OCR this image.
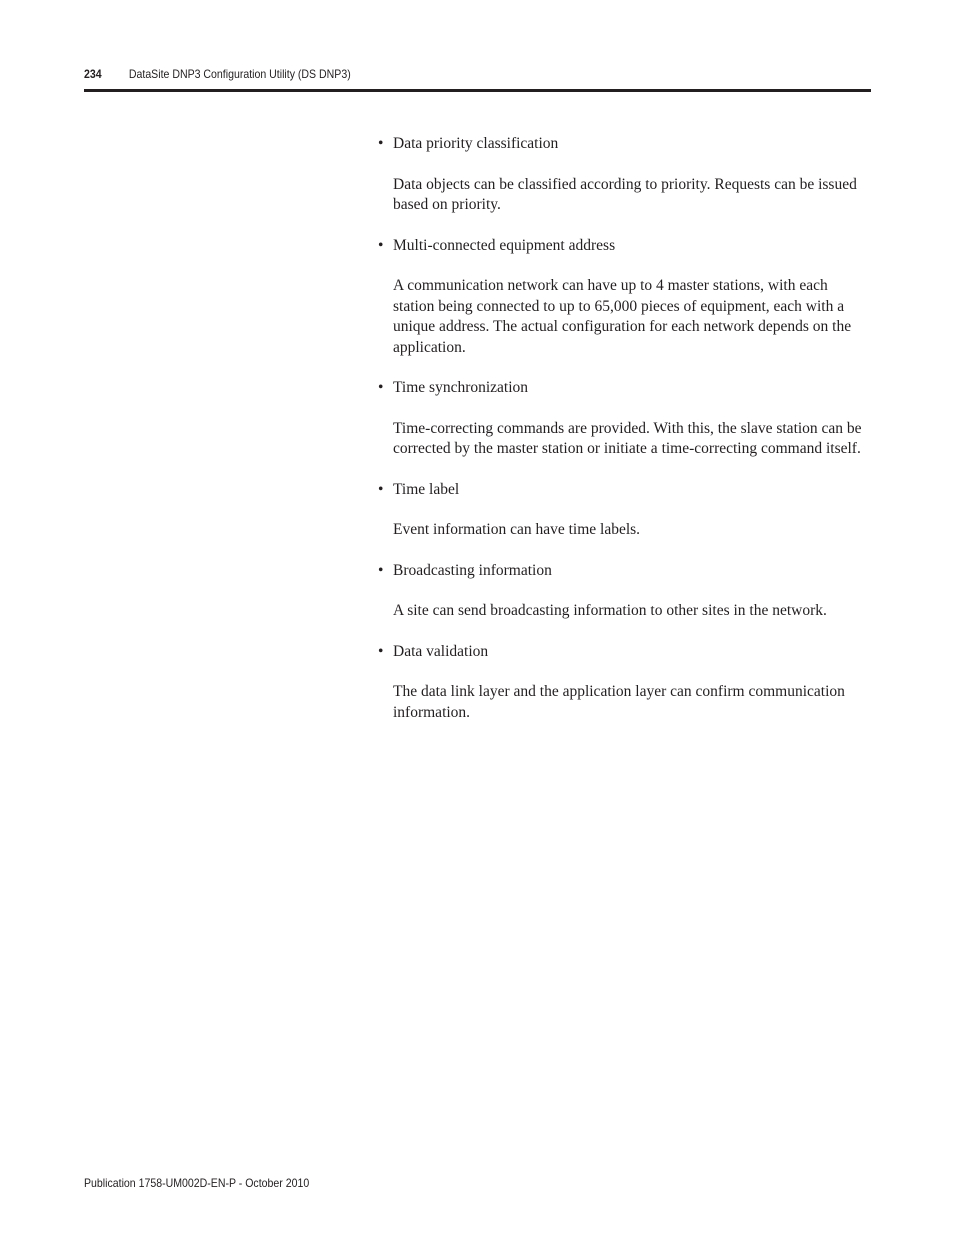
234 DataSite DNP3 Configuration Utility (DS DNP3)
• Data priority classification

Data objects can be classified according to priority. Requests can be issued based on priority.

• Multi-connected equipment address

A communication network can have up to 4 master stations, with each station being connected to up to 65,000 pieces of equipment, each with a unique address. The actual configuration for each network depends on the application.

• Time synchronization

Time-correcting commands are provided. With this, the slave station can be corrected by the master station or initiate a time-correcting command itself.

• Time label

Event information can have time labels.

• Broadcasting information

A site can send broadcasting information to other sites in the network.

• Data validation

The data link layer and the application layer can confirm communication information.

Publication 1758-UM002D-EN-P - October 2010
